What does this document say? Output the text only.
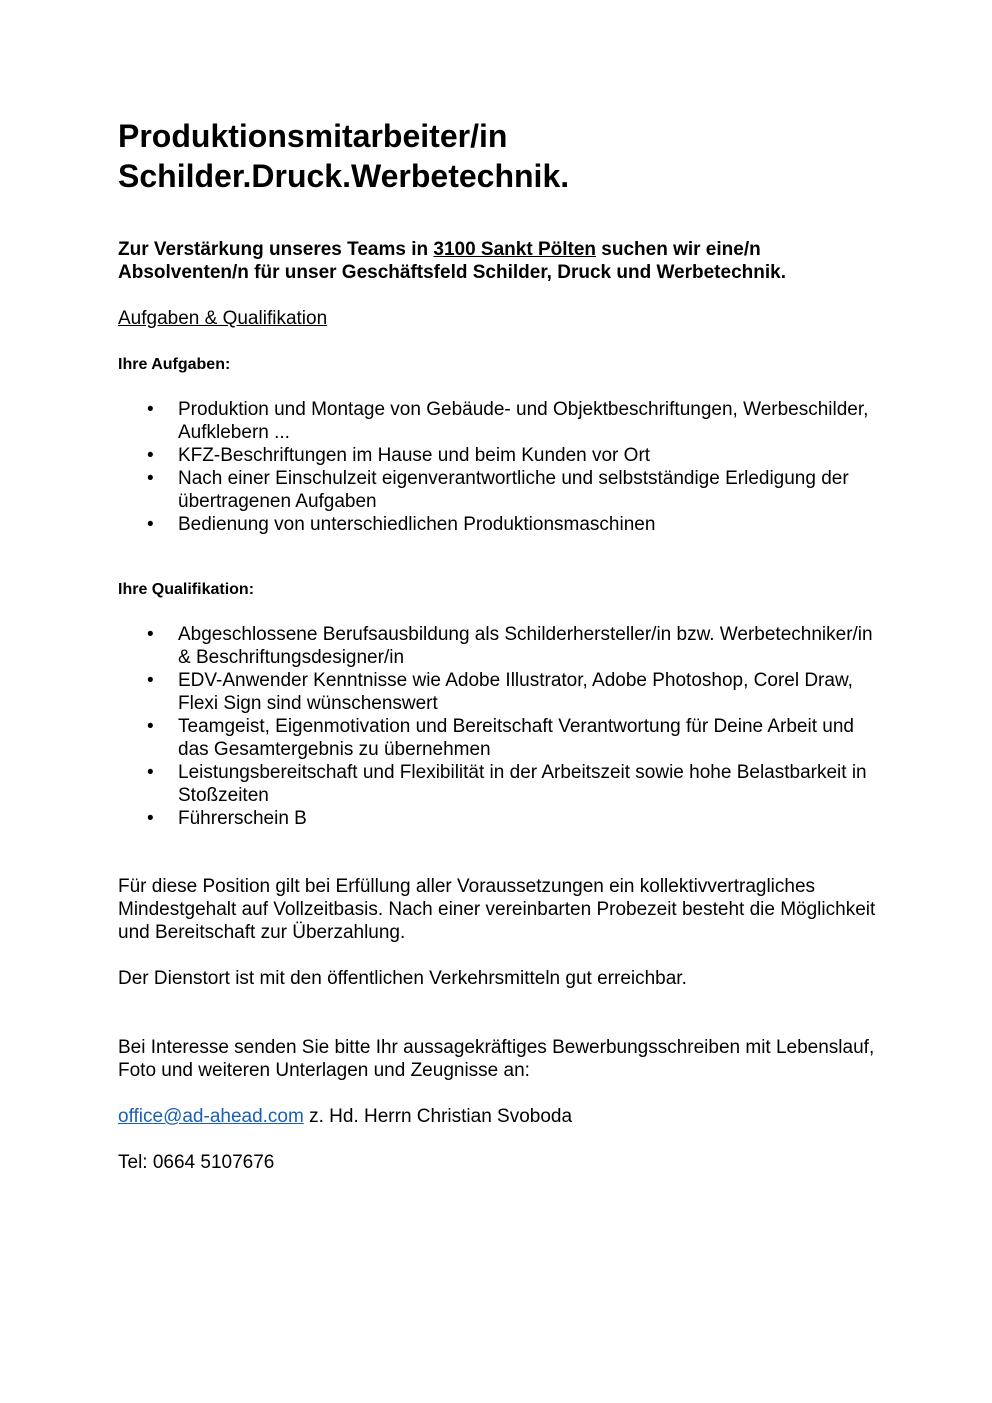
Produktionsmitarbeiter/in
Schilder.Druck.Werbetechnik.
Zur Verstärkung unseres Teams in 3100 Sankt Pölten suchen wir eine/n Absolventen/n für unser Geschäftsfeld Schilder, Druck und Werbetechnik.
Aufgaben & Qualifikation
Ihre Aufgaben:
• Produktion und Montage von Gebäude- und Objektbeschriftungen, Werbeschilder, Aufklebern ...
• KFZ-Beschriftungen im Hause und beim Kunden vor Ort
• Nach einer Einschulzeit eigenverantwortliche und selbstständige Erledigung der übertragenen Aufgaben
• Bedienung von unterschiedlichen Produktionsmaschinen
Ihre Qualifikation:
• Abgeschlossene Berufsausbildung als Schilderhersteller/in bzw. Werbetechniker/in & Beschriftungsdesigner/in
• EDV-Anwender Kenntnisse wie Adobe Illustrator, Adobe Photoshop, Corel Draw, Flexi Sign sind wünschenswert
• Teamgeist, Eigenmotivation und Bereitschaft Verantwortung für Deine Arbeit und das Gesamtergebnis zu übernehmen
• Leistungsbereitschaft und Flexibilität in der Arbeitszeit sowie hohe Belastbarkeit in Stoßzeiten
• Führerschein B
Für diese Position gilt bei Erfüllung aller Voraussetzungen ein kollektivvertragliches Mindestgehalt auf Vollzeitbasis. Nach einer vereinbarten Probezeit besteht die Möglichkeit und Bereitschaft zur Überzahlung.
Der Dienstort ist mit den öffentlichen Verkehrsmitteln gut erreichbar.
Bei Interesse senden Sie bitte Ihr aussagekräftiges Bewerbungsschreiben mit Lebenslauf, Foto und weiteren Unterlagen und Zeugnisse an:
office@ad-ahead.com z. Hd. Herrn Christian Svoboda
Tel: 0664 5107676
